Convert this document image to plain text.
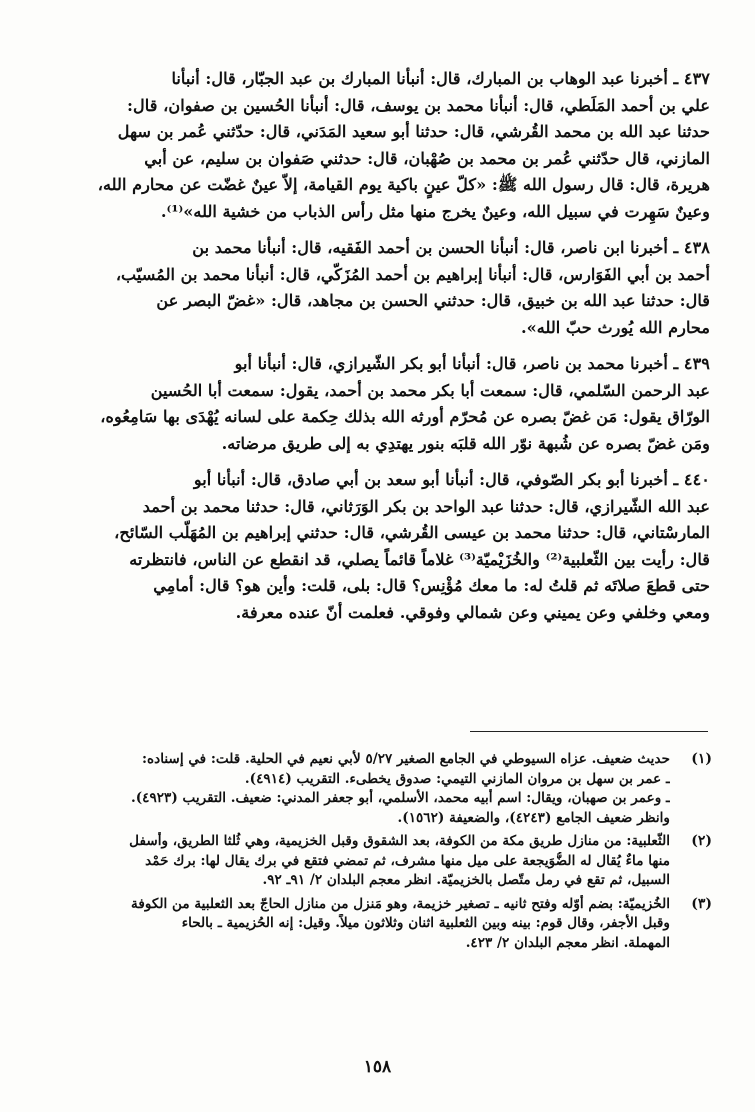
٤٣٧ ـ أخبرنا عبد الوهاب بن المبارك، قال: أنبأنا المبارك بن عبد الجبّار، قال: أنبأنا
علي بن أحمد المَلَطي، قال: أنبأنا محمد بن يوسف، قال: أنبأنا الحُسين بن صفوان، قال:
حدثنا عبد الله بن محمد القُرشي، قال: حدثنا أبو سعيد المَدَني، قال: حدّثني عُمر بن سهل
المازني، قال حدّثني عُمر بن محمد بن صُهْبان، قال: حدثني صَفوان بن سليم، عن أبي
هريرة، قال: قال رسول الله ﷺ: «كلّ عينٍ باكية يوم القيامة، إلاّ عينٌ غضّت عن محارم الله،
وعينٌ سَهِرت في سبيل الله، وعينٌ يخرج منها مثل رأس الذباب من خشية الله»⁽¹⁾.

٤٣٨ ـ أخبرنا ابن ناصر، قال: أنبأنا الحسن بن أحمد الفَقيه، قال: أنبأنا محمد بن
أحمد بن أبي الفَوَارس، قال: أنبأنا إبراهيم بن أحمد المُزَكّي، قال: أنبأنا محمد بن المُسيّب،
قال: حدثنا عبد الله بن خبيق، قال: حدثني الحسن بن مجاهد، قال: «غضّ البصر عن
محارم الله يُورث حبّ الله».

٤٣٩ ـ أخبرنا محمد بن ناصر، قال: أنبأنا أبو بكر الشّيرازي، قال: أنبأنا أبو
عبد الرحمن السّلمي، قال: سمعت أبا بكر محمد بن أحمد، يقول: سمعت أبا الحُسين
الورّاق يقول: مَن غضّ بصره عن مُحرّم أورثه الله بذلك حِكمة على لسانه يُهْدَى بها سَامِعُوه،
ومَن غضّ بصره عن شُبهة نوّر الله قلبَه بنور يهتدِي به إلى طريق مرضاته.

٤٤٠ ـ أخبرنا أبو بكر الصّوفي، قال: أنبأنا أبو سعد بن أبي صادق، قال: أنبأنا أبو
عبد الله الشّيرازي، قال: حدثنا عبد الواحد بن بكر الوَرَثاني، قال: حدثنا محمد بن أحمد
المارسْتاني، قال: حدثنا محمد بن عيسى القُرشي، قال: حدثني إبراهيم بن المُهَلّب السّائح،
قال: رأيت بين الثّعلبية⁽²⁾ والخُزَيْميّة⁽³⁾ غلاماً قائماً يصلي، قد انقطع عن الناس، فانتظرته
حتى قطعَ صلاتَه ثم قلتُ له: ما معك مُؤْنِس؟ قال: بلى، قلت: وأين هو؟ قال: أمامِي
ومعي وخلفي وعن يميني وعن شمالي وفوقي. فعلمت أنّ عنده معرفة.

(١)
حديث ضعيف. عزاه السيوطي في الجامع الصغير ٥/٢٧ لأبي نعيم في الحلية. قلت: في إسناده:
ـ عمر بن سهل بن مروان المازني التيمي: صدوق يخطىء. التقريب (٤٩١٤).
ـ وعمر بن صهبان، ويقال: اسم أبيه محمد، الأسلمي، أبو جعفر المدني: ضعيف. التقريب (٤٩٢٣).
وانظر ضعيف الجامع (٤٢٤٣)، والضعيفة (١٥٦٢).
(٢)
الثّعلبية: من منازل طريق مكة من الكوفة، بعد الشقوق وقبل الخزيمية، وهي ثُلثا الطريق، وأسفل
منها ماءٌ يُقال له الضُّوَيجعة على ميل منها مشرف، ثم تمضي فتقع في برك يقال لها: برك حَمْد
السبيل، ثم تقع في رمل متّصل بالخزيميّة. انظر معجم البلدان ٢/ ٩١ـ ٩٢.
(٣)
الخُزيميّة: بضم أوّله وفتح ثانيه ـ تصغير خزيمة، وهو مَنزل من منازل الحاجّ بعد الثعلبية من الكوفة
وقبل الأجفر، وقال قوم: بينه وبين الثعلبية اثنان وثلاثون ميلاً. وقيل: إنه الحُزيمية ـ بالحاء
المهملة. انظر معجم البلدان ٢/ ٤٢٣.
١٥٨
